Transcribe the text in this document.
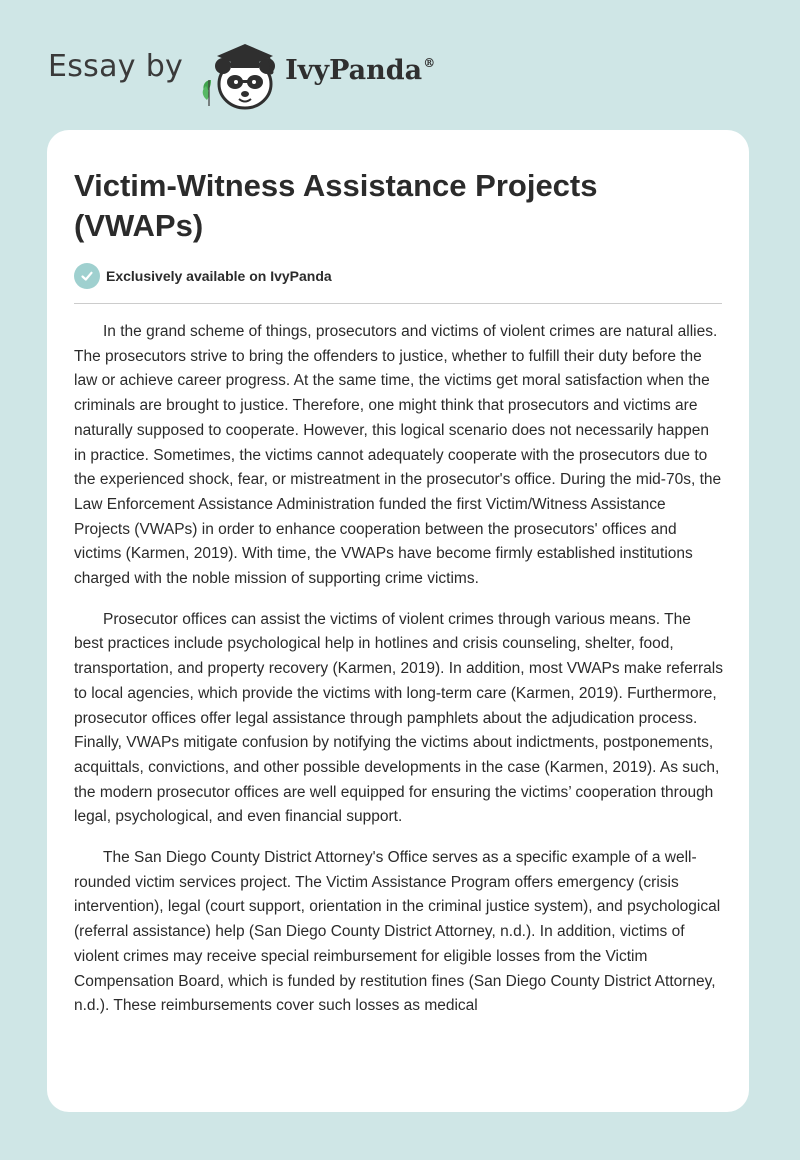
Essay by	IvyPanda®
Victim-Witness Assistance Projects (VWAPs)
Exclusively available on IvyPanda

In the grand scheme of things, prosecutors and victims of violent crimes are natural allies. The prosecutors strive to bring the offenders to justice, whether to fulfill their duty before the law or achieve career progress. At the same time, the victims get moral satisfaction when the criminals are brought to justice. Therefore, one might think that prosecutors and victims are naturally supposed to cooperate. However, this logical scenario does not necessarily happen in practice. Sometimes, the victims cannot adequately cooperate with the prosecutors due to the experienced shock, fear, or mistreatment in the prosecutor's office. During the mid-70s, the Law Enforcement Assistance Administration funded the first Victim/Witness Assistance Projects (VWAPs) in order to enhance cooperation between the prosecutors' offices and victims (Karmen, 2019). With time, the VWAPs have become firmly established institutions charged with the noble mission of supporting crime victims.

Prosecutor offices can assist the victims of violent crimes through various means. The best practices include psychological help in hotlines and crisis counseling, shelter, food, transportation, and property recovery (Karmen, 2019). In addition, most VWAPs make referrals to local agencies, which provide the victims with long-term care (Karmen, 2019). Furthermore, prosecutor offices offer legal assistance through pamphlets about the adjudication process. Finally, VWAPs mitigate confusion by notifying the victims about indictments, postponements, acquittals, convictions, and other possible developments in the case (Karmen, 2019). As such, the modern prosecutor offices are well equipped for ensuring the victims’ cooperation through legal, psychological, and even financial support.

The San Diego County District Attorney's Office serves as a specific example of a well-rounded victim services project. The Victim Assistance Program offers emergency (crisis intervention), legal (court support, orientation in the criminal justice system), and psychological (referral assistance) help (San Diego County District Attorney, n.d.). In addition, victims of violent crimes may receive special reimbursement for eligible losses from the Victim Compensation Board, which is funded by restitution fines (San Diego County District Attorney, n.d.). These reimbursements cover such losses as medical
